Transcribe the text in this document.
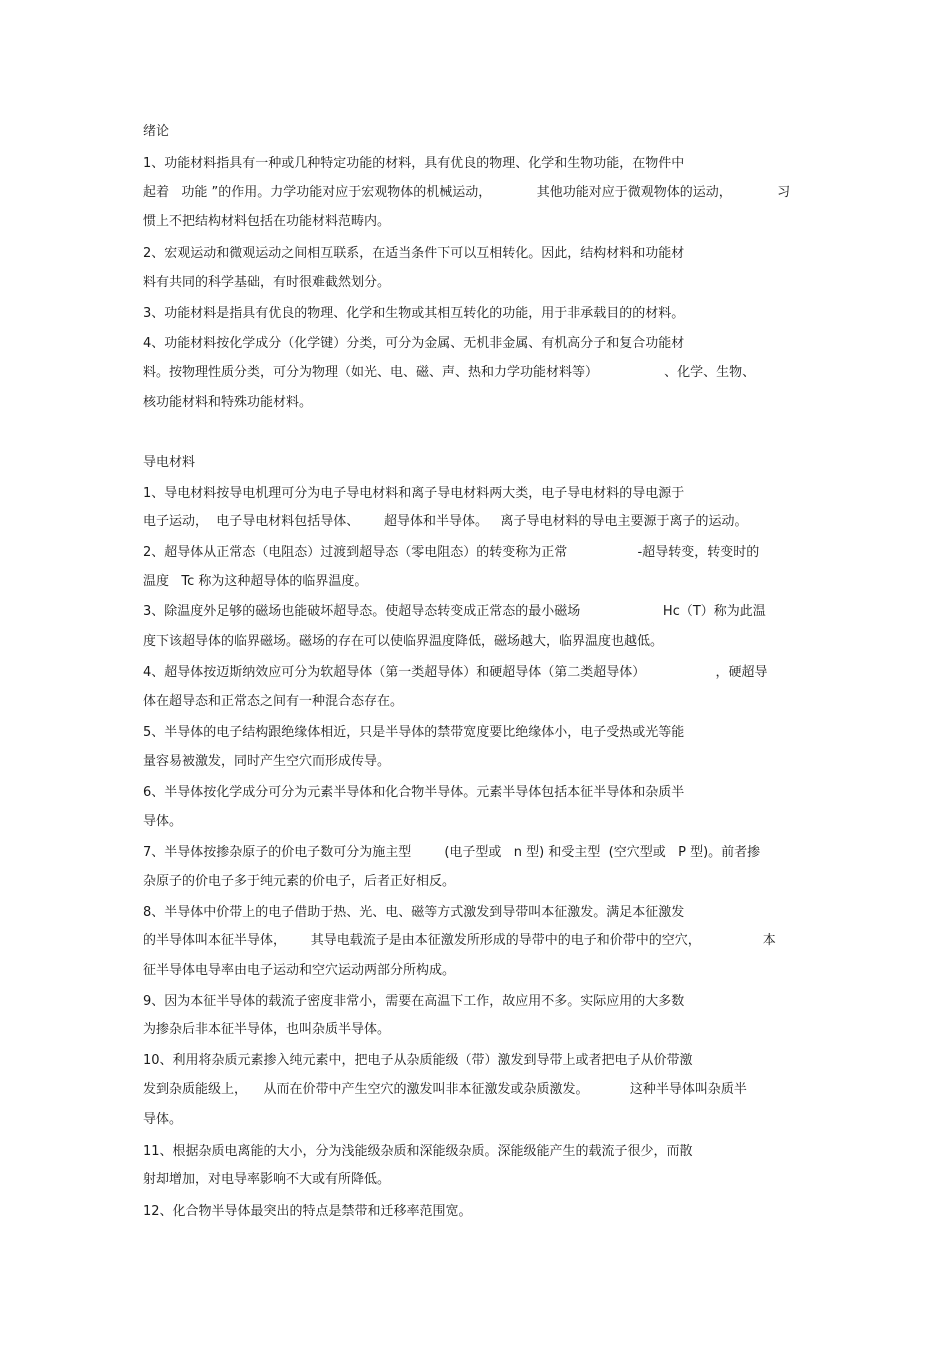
绪论
1、功能材料指具有一种或几种特定功能的材料，具有优良的物理、化学和生物功能，在物件中
起着   功能 ”的作用。力学功能对应于宏观物体的机械运动，           其他功能对应于微观物体的运动，           习
惯上不把结构材料包括在功能材料范畴内。
2、宏观运动和微观运动之间相互联系，在适当条件下可以互相转化。因此，结构材料和功能材
料有共同的科学基础，有时很难截然划分。
3、功能材料是指具有优良的物理、化学和生物或其相互转化的功能，用于非承载目的的材料。
4、功能材料按化学成分（化学键）分类，可分为金属、无机非金属、有机高分子和复合功能材
料。按物理性质分类，可分为物理（如光、电、磁、声、热和力学功能材料等）                、化学、生物、
核功能材料和特殊功能材料。
导电材料
1、导电材料按导电机理可分为电子导电材料和离子导电材料两大类，电子导电材料的导电源于
电子运动，  电子导电材料包括导体、      超导体和半导体。   离子导电材料的导电主要源于离子的运动。
2、超导体从正常态（电阻态）过渡到超导态（零电阻态）的转变称为正常                 -超导转变，转变时的
温度   Tc 称为这种超导体的临界温度。
3、除温度外足够的磁场也能破坏超导态。使超导态转变成正常态的最小磁场                    Hc（T）称为此温
度下该超导体的临界磁场。磁场的存在可以使临界温度降低，磁场越大，临界温度也越低。
4、超导体按迈斯纳效应可分为软超导体（第一类超导体）和硬超导体（第二类超导体）                 ，硬超导
体在超导态和正常态之间有一种混合态存在。
5、半导体的电子结构跟绝缘体相近，只是半导体的禁带宽度要比绝缘体小，电子受热或光等能
量容易被激发，同时产生空穴而形成传导。
6、半导体按化学成分可分为元素半导体和化合物半导体。元素半导体包括本征半导体和杂质半
导体。
7、半导体按掺杂原子的价电子数可分为施主型        (电子型或   n 型) 和受主型  (空穴型或   P 型)。前者掺
杂原子的价电子多于纯元素的价电子，后者正好相反。
8、半导体中价带上的电子借助于热、光、电、磁等方式激发到导带叫本征激发。满足本征激发
的半导体叫本征半导体，      其导电载流子是由本征激发所形成的导带中的电子和价带中的空穴，               本
征半导体电导率由电子运动和空穴运动两部分所构成。
9、因为本征半导体的载流子密度非常小，需要在高温下工作，故应用不多。实际应用的大多数
为掺杂后非本征半导体，也叫杂质半导体。
10、利用将杂质元素掺入纯元素中，把电子从杂质能级（带）激发到导带上或者把电子从价带激
发到杂质能级上，    从而在价带中产生空穴的激发叫非本征激发或杂质激发。          这种半导体叫杂质半
导体。
11、根据杂质电离能的大小，分为浅能级杂质和深能级杂质。深能级能产生的载流子很少，而散
射却增加，对电导率影响不大或有所降低。
12、化合物半导体最突出的特点是禁带和迁移率范围宽。
